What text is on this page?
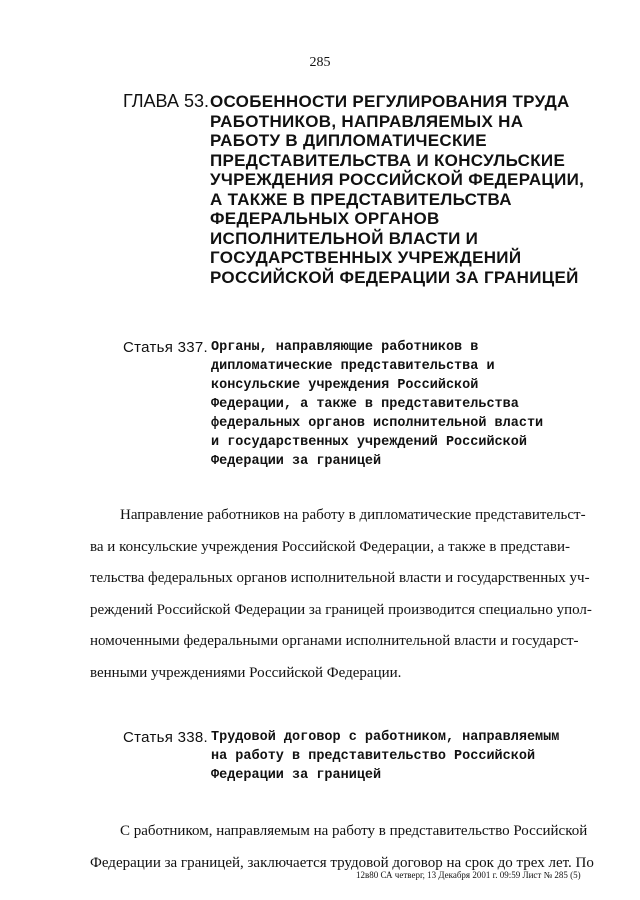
285
ГЛАВА 53. ОСОБЕННОСТИ РЕГУЛИРОВАНИЯ ТРУДА
РАБОТНИКОВ, НАПРАВЛЯЕМЫХ НА
РАБОТУ В ДИПЛОМАТИЧЕСКИЕ
ПРЕДСТАВИТЕЛЬСТВА И КОНСУЛЬСКИЕ
УЧРЕЖДЕНИЯ РОССИЙСКОЙ ФЕДЕРАЦИИ,
А ТАКЖЕ В ПРЕДСТАВИТЕЛЬСТВА
ФЕДЕРАЛЬНЫХ ОРГАНОВ
ИСПОЛНИТЕЛЬНОЙ ВЛАСТИ И
ГОСУДАРСТВЕННЫХ УЧРЕЖДЕНИЙ
РОССИЙСКОЙ ФЕДЕРАЦИИ ЗА ГРАНИЦЕЙ
Статья 337. Органы, направляющие работников в
дипломатические представительства и
консульские учреждения Российской
Федерации, а также в представительства
федеральных органов исполнительной власти
и государственных учреждений Российской
Федерации за границей
Направление работников на работу в дипломатические представительст-
ва и консульские учреждения Российской Федерации, а также в представи-
тельства федеральных органов исполнительной власти и государственных уч-
реждений Российской Федерации за границей производится специально упол-
номоченными федеральными органами исполнительной власти и государст-
венными учреждениями Российской Федерации.
Статья 338. Трудовой договор с работником, направляемым
на работу в представительство Российской
Федерации за границей
С работником, направляемым на работу в представительство Российской
Федерации за границей, заключается трудовой договор на срок до трех лет. По
12в80 СА четверг, 13 Декабря 2001 г. 09:59 Лист № 285 (5)
